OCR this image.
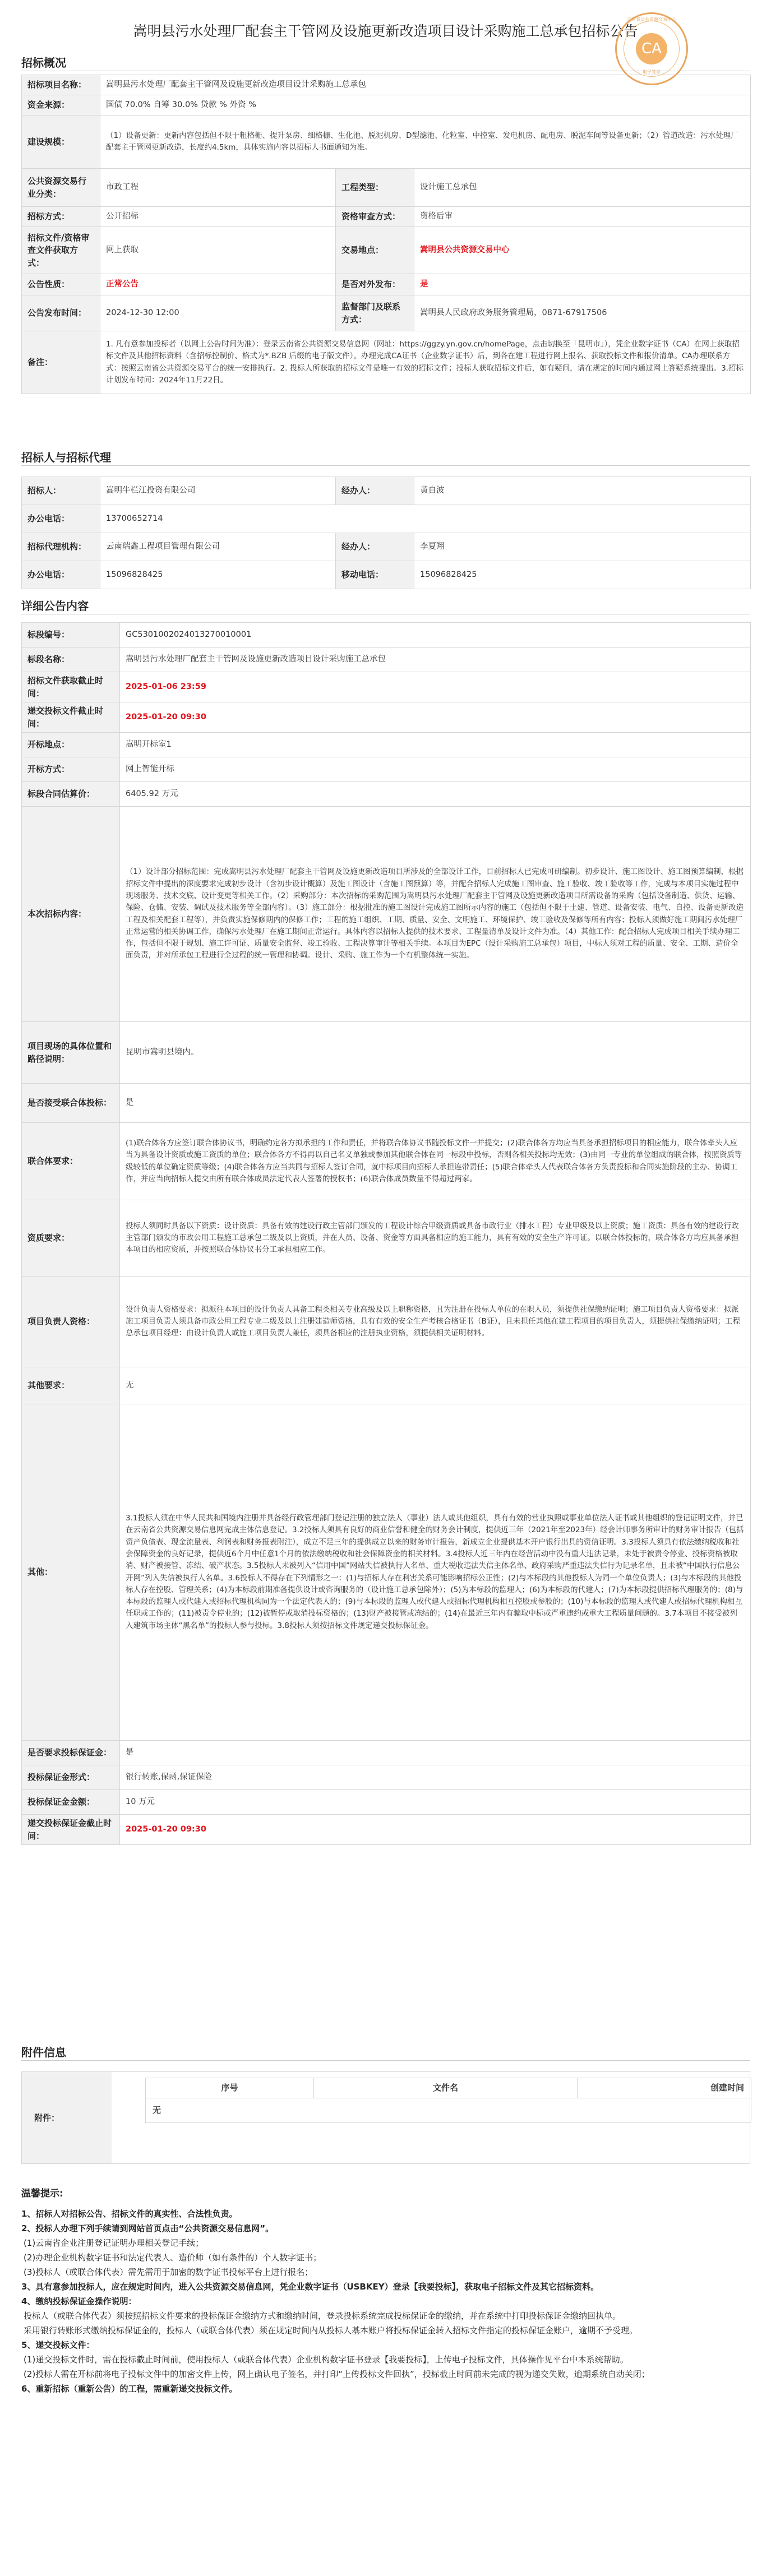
嵩明县污水处理厂配套主干管网及设施更新改造项目设计采购施工总承包招标公告
云南省公共资源交易中心
CA
电子签章
招标概况
招标项目名称：	嵩明县污水处理厂配套主干管网及设施更新改造项目设计采购施工总承包		
资金来源：	国债 70.0% 自筹 30.0% 贷款 % 外资 %		
建设规模：	（1）设备更新：更新内容包括但不限于粗格栅、提升泵房、细格栅、生化池、脱泥机房、D型滤池、化粒室、中控室、发电机房、配电房、脱泥车间等设备更新；（2）管道改造：污水处理厂配套主干管网更新改造，长度约4.5km，具体实施内容以招标人书面通知为准。		
公共资源交易行业分类：	市政工程	工程类型：	设计施工总承包
招标方式：	公开招标	资格审查方式：	资格后审
招标文件/资格审查文件获取方式：	网上获取	交易地点：	嵩明县公共资源交易中心
公告性质：	正常公告	是否对外发布：	是
公告发布时间：	2024-12-30 12:00	监督部门及联系方式：	嵩明县人民政府政务服务管理局，0871-67917506
备注：	1. 凡有意参加投标者（以网上公告时间为准）：登录云南省公共资源交易信息网（网址：https://ggzy.yn.gov.cn/homePage，点击切换至「昆明市」），凭企业数字证书（CA）在网上获取招标文件及其他招标资料（含招标控制价、格式为*.BZB 后缀的电子版文件）。办理完成CA证书（企业数字证书）后，到各在建工程进行网上报名、获取投标文件和报价清单。CA办理联系方式：按照云南省公共资源交易平台的统一安排执行。2. 投标人所获取的招标文件是唯一有效的招标文件；投标人获取招标文件后，如有疑问，请在规定的时间内通过网上答疑系统提出。3.招标计划发布时间：2024年11月22日。		
招标人与招标代理
招标人：	嵩明牛栏江投资有限公司	经办人：	黄自波
办公电话：	13700652714		
招标代理机构：	云南瑞鑫工程项目管理有限公司	经办人：	李夏翔
办公电话：	15096828425	移动电话：	15096828425
详细公告内容
标段编号：	GC5301002024013270010001
标段名称：	嵩明县污水处理厂配套主干管网及设施更新改造项目设计采购施工总承包
招标文件获取截止时间：	2025-01-06 23:59
递交投标文件截止时间：	2025-01-20 09:30
开标地点：	嵩明开标室1
开标方式：	网上智能开标
标段合同估算价：	6405.92 万元
本次招标内容：	（1）设计部分招标范围：完成嵩明县污水处理厂配套主干管网及设施更新改造项目所涉及的全部设计工作，目前招标人已完成可研编制。初步设计、施工图设计、施工图预算编制，根据招标文件中提出的深度要求完成初步设计（含初步设计概算）及施工图设计（含施工图预算）等，并配合招标人完成施工图审查、施工验收、竣工验收等工作，完成与本项目实施过程中现场服务、技术交底、设计变更等相关工作。（2）采购部分：本次招标的采购范围为嵩明县污水处理厂配套主干管网及设施更新改造项目所需设备的采购（包括设备制造、供货、运输、保险、仓储、安装、调试及技术服务等全部内容）。（3）施工部分：根据批准的施工图设计完成施工图所示内容的施工（包括但不限于土建、管道、设备安装、电气、自控、设备更新改造工程及相关配套工程等），并负责实施保修期内的保修工作；工程的施工组织、工期、质量、安全、文明施工、环境保护、竣工验收及保修等所有内容；投标人须做好施工期间污水处理厂正常运营的相关协调工作，确保污水处理厂在施工期间正常运行。具体内容以招标人提供的技术要求、工程量清单及设计文件为准。（4）其他工作：配合招标人完成项目相关手续办理工作，包括但不限于规划、施工许可证、质量安全监督、竣工验收、工程决算审计等相关手续。本项目为EPC（设计采购施工总承包）项目，中标人须对工程的质量、安全、工期、造价全面负责，并对所承包工程进行全过程的统一管理和协调。设计、采购、施工作为一个有机整体统一实施。
项目现场的具体位置和路径说明：	昆明市嵩明县境内。
是否接受联合体投标：	是
联合体要求：	(1)联合体各方应签订联合体协议书，明确约定各方拟承担的工作和责任，并将联合体协议书随投标文件一并提交；(2)联合体各方均应当具备承担招标项目的相应能力，联合体牵头人应当为具备设计资质或施工资质的单位；联合体各方不得再以自己名义单独或参加其他联合体在同一标段中投标，否则各相关投标均无效；(3)由同一专业的单位组成的联合体，按照资质等级较低的单位确定资质等级；(4)联合体各方应当共同与招标人签订合同，就中标项目向招标人承担连带责任；(5)联合体牵头人代表联合体各方负责投标和合同实施阶段的主办、协调工作，并应当向招标人提交由所有联合体成员法定代表人签署的授权书；(6)联合体成员数量不得超过两家。
资质要求：	投标人须同时具备以下资质：设计资质：具备有效的建设行政主管部门颁发的工程设计综合甲级资质或具备市政行业（排水工程）专业甲级及以上资质；施工资质：具备有效的建设行政主管部门颁发的市政公用工程施工总承包二级及以上资质，并在人员、设备、资金等方面具备相应的施工能力，具有有效的安全生产许可证。以联合体投标的，联合体各方均应具备承担本项目的相应资质，并按照联合体协议书分工承担相应工作。
项目负责人资格：	设计负责人资格要求：拟派往本项目的设计负责人具备工程类相关专业高级及以上职称资格，且为注册在投标人单位的在职人员，须提供社保缴纳证明；施工项目负责人资格要求：拟派施工项目负责人须具备市政公用工程专业二级及以上注册建造师资格，具有有效的安全生产考核合格证书（B证），且未担任其他在建工程项目的项目负责人，须提供社保缴纳证明；工程总承包项目经理：由设计负责人或施工项目负责人兼任，须具备相应的注册执业资格，须提供相关证明材料。
其他要求：	无
其他：	3.1投标人须在中华人民共和国境内注册并具备经行政管理部门登记注册的独立法人（事业）法人或其他组织，具有有效的营业执照或事业单位法人证书或其他组织的登记证明文件，并已在云南省公共资源交易信息网完成主体信息登记。3.2投标人须具有良好的商业信誉和健全的财务会计制度，提供近三年（2021年至2023年）经会计师事务所审计的财务审计报告（包括资产负债表、现金流量表、利润表和财务报表附注），成立不足三年的提供成立以来的财务审计报告，新成立企业提供基本开户银行出具的资信证明。3.3投标人须具有依法缴纳税收和社会保障资金的良好记录，提供近6个月中任意1个月的依法缴纳税收和社会保障资金的相关材料。3.4投标人近三年内在经营活动中没有重大违法记录，未处于被责令停业、投标资格被取消、财产被接管、冻结、破产状态。3.5投标人未被列入“信用中国”网站失信被执行人名单、重大税收违法失信主体名单、政府采购严重违法失信行为记录名单，且未被“中国执行信息公开网”列入失信被执行人名单。3.6投标人不得存在下列情形之一：(1)与招标人存在利害关系可能影响招标公正性；(2)与本标段的其他投标人为同一个单位负责人；(3)与本标段的其他投标人存在控股、管理关系；(4)为本标段前期准备提供设计或咨询服务的（设计施工总承包除外）；(5)为本标段的监理人；(6)为本标段的代建人；(7)为本标段提供招标代理服务的；(8)与本标段的监理人或代建人或招标代理机构同为一个法定代表人的；(9)与本标段的监理人或代建人或招标代理机构相互控股或参股的；(10)与本标段的监理人或代建人或招标代理机构相互任职或工作的；(11)被责令停业的；(12)被暂停或取消投标资格的；(13)财产被接管或冻结的；(14)在最近三年内有骗取中标或严重违约或重大工程质量问题的。3.7本项目不接受被列入建筑市场主体“黑名单”的投标人参与投标。3.8投标人须按招标文件规定递交投标保证金。
是否要求投标保证金：	是
投标保证金形式：	银行转账,保函,保证保险
投标保证金金额：	10 万元
递交投标保证金截止时间：	2025-01-20 09:30
附件信息
附件：
序号	文件名	创建时间
无
温馨提示:
1、招标人对招标公告、招标文件的真实性、合法性负责。
2、投标人办理下列手续请到网站首页点击“公共资源交易信息网”。
(1)云南省企业注册登记证明办理相关登记手续；
(2)办理企业机构数字证书和法定代表人、造价师（如有条件的）个人数字证书；
(3)投标人（或联合体代表）需先需用于加密的数字证书投标平台上进行报名；
3、具有意参加投标人，应在规定时间内，进入公共资源交易信息网，凭企业数字证书（USBKEY）登录【我要投标】，获取电子招标文件及其它招标资料。
4、缴纳投标保证金操作说明：
投标人（或联合体代表）须按照招标文件要求的投标保证金缴纳方式和缴纳时间，登录投标系统完成投标保证金的缴纳，并在系统中打印投标保证金缴纳回执单。
采用银行转账形式缴纳投标保证金的，投标人（或联合体代表）须在规定时间内从投标人基本账户将投标保证金转入招标文件指定的投标保证金账户，逾期不予受理。
5、递交投标文件：
(1)递交投标文件时，需在投标截止时间前，使用投标人（或联合体代表）企业机构数字证书登录【我要投标】，上传电子投标文件，具体操作见平台中本系统帮助。
(2)投标人需在开标前将电子投标文件中的加密文件上传，网上确认电子签名，并打印“上传投标文件回执”，投标截止时间前未完成的视为递交失败，逾期系统自动关闭；
6、重新招标（重新公告）的工程，需重新递交投标文件。
